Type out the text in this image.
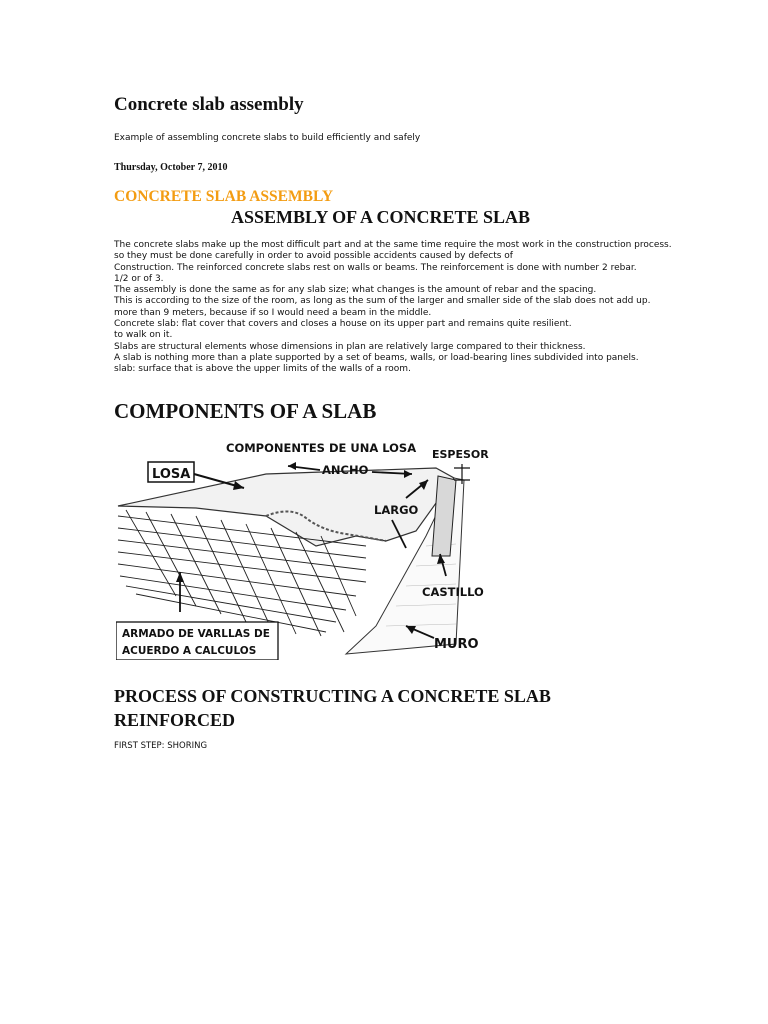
Concrete slab assembly

Example of assembling concrete slabs to build efficiently and safely

Thursday, October 7, 2010

CONCRETE SLAB ASSEMBLY
ASSEMBLY OF A CONCRETE SLAB
The concrete slabs make up the most difficult part and at the same time require the most work in the construction process.
so they must be done carefully in order to avoid possible accidents caused by defects of
Construction. The reinforced concrete slabs rest on walls or beams. The reinforcement is done with number 2 rebar.
1/2 or of 3.
The assembly is done the same as for any slab size; what changes is the amount of rebar and the spacing.
This is according to the size of the room, as long as the sum of the larger and smaller side of the slab does not add up.
more than 9 meters, because if so I would need a beam in the middle.
Concrete slab: flat cover that covers and closes a house on its upper part and remains quite resilient.
to walk on it.
Slabs are structural elements whose dimensions in plan are relatively large compared to their thickness.
A slab is nothing more than a plate supported by a set of beams, walls, or load-bearing lines subdivided into panels.
slab: surface that is above the upper limits of the walls of a room.
COMPONENTS OF A SLAB
COMPONENTES DE UNA LOSA
LOSA	ANCHO
ESPESOR
LARGO
CASTILLO
MURO
ARMADO DE VARLLAS DE
ACUERDO A CALCULOS
PROCESS OF CONSTRUCTING A CONCRETE SLAB REINFORCED

FIRST STEP: SHORING
